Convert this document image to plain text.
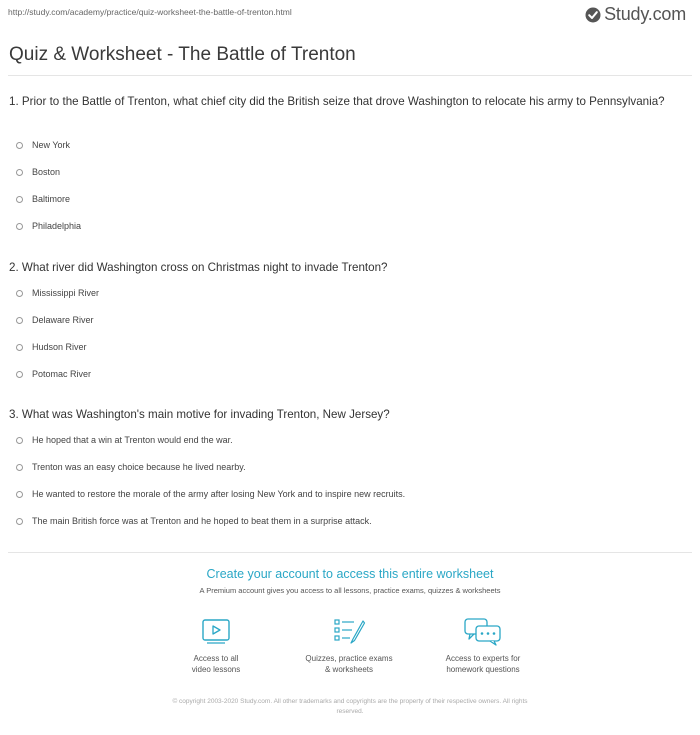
http://study.com/academy/practice/quiz-worksheet-the-battle-of-trenton.html	Study.com
Quiz & Worksheet - The Battle of Trenton

1. Prior to the Battle of Trenton, what chief city did the British seize that drove Washington to relocate his army to Pennsylvania?

New York
Boston
Baltimore
Philadelphia

2. What river did Washington cross on Christmas night to invade Trenton?

Mississippi River
Delaware River
Hudson River
Potomac River

3. What was Washington's main motive for invading Trenton, New Jersey?

He hoped that a win at Trenton would end the war.
Trenton was an easy choice because he lived nearby.
He wanted to restore the morale of the army after losing New York and to inspire new recruits.
The main British force was at Trenton and he hoped to beat them in a surprise attack.
Create your account to access this entire worksheet
A Premium account gives you access to all lessons, practice exams, quizzes & worksheets
Access to all
video lessons
Quizzes, practice exams
& worksheets
Access to experts for
homework questions
© copyright 2003-2020 Study.com. All other trademarks and copyrights are the property of their respective owners. All rights
reserved.
